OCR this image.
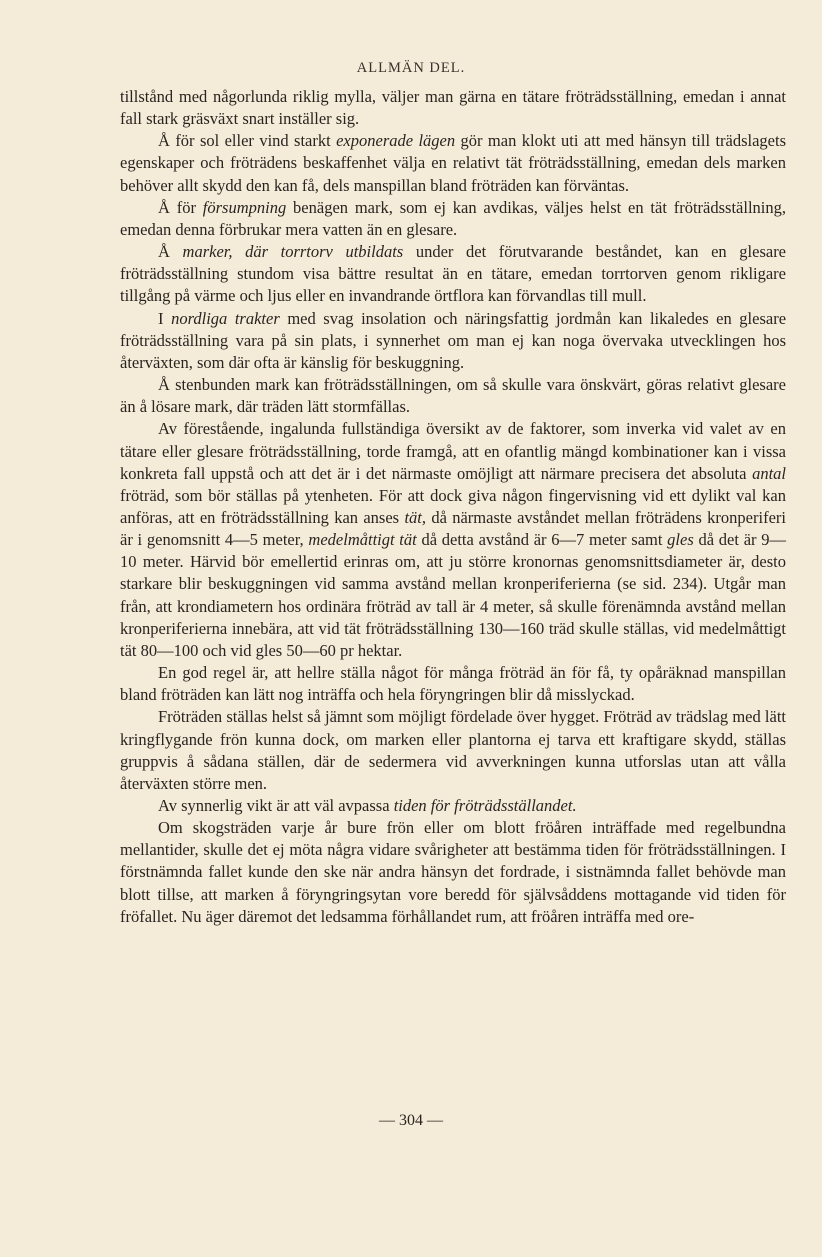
ALLMÄN DEL.

tillstånd med någorlunda riklig mylla, väljer man gärna en tätare fröträdsställning, emedan i annat fall stark gräsväxt snart inställer sig.

Å för sol eller vind starkt exponerade lägen gör man klokt uti att med hänsyn till trädslagets egenskaper och fröträdens beskaffenhet välja en relativt tät fröträdsställning, emedan dels marken behöver allt skydd den kan få, dels manspillan bland fröträden kan förväntas.

Å för försumpning benägen mark, som ej kan avdikas, väljes helst en tät fröträdsställning, emedan denna förbrukar mera vatten än en glesare.

Å marker, där torrtorv utbildats under det förutvarande beståndet, kan en glesare fröträdsställning stundom visa bättre resultat än en tätare, emedan torrtorven genom rikligare tillgång på värme och ljus eller en invandrande örtflora kan förvandlas till mull.

I nordliga trakter med svag insolation och näringsfattig jordmån kan likaledes en glesare fröträdsställning vara på sin plats, i synnerhet om man ej kan noga övervaka utvecklingen hos återväxten, som där ofta är känslig för beskuggning.

Å stenbunden mark kan fröträdsställningen, om så skulle vara önskvärt, göras relativt glesare än å lösare mark, där träden lätt stormfällas.

Av förestående, ingalunda fullständiga översikt av de faktorer, som inverka vid valet av en tätare eller glesare fröträdsställning, torde framgå, att en ofantlig mängd kombinationer kan i vissa konkreta fall uppstå och att det är i det närmaste omöjligt att närmare precisera det absoluta antal fröträd, som bör ställas på ytenheten. För att dock giva någon fingervisning vid ett dylikt val kan anföras, att en fröträdsställning kan anses tät, då närmaste avståndet mellan fröträdens kronperiferi är i genomsnitt 4—5 meter, medelmåttigt tät då detta avstånd är 6—7 meter samt gles då det är 9—10 meter. Härvid bör emellertid erinras om, att ju större kronornas genomsnittsdiameter är, desto starkare blir beskuggningen vid samma avstånd mellan kronperiferierna (se sid. 234). Utgår man från, att krondiametern hos ordinära fröträd av tall är 4 meter, så skulle förenämnda avstånd mellan kronperiferierna innebära, att vid tät fröträdsställning 130—160 träd skulle ställas, vid medelmåttigt tät 80—100 och vid gles 50—60 pr hektar.

En god regel är, att hellre ställa något för många fröträd än för få, ty opåräknad manspillan bland fröträden kan lätt nog inträffa och hela föryngringen blir då misslyckad.

Fröträden ställas helst så jämnt som möjligt fördelade över hygget. Fröträd av trädslag med lätt kringflygande frön kunna dock, om marken eller plantorna ej tarva ett kraftigare skydd, ställas gruppvis å sådana ställen, där de sedermera vid avverkningen kunna utforslas utan att vålla återväxten större men.

Av synnerlig vikt är att väl avpassa tiden för fröträdsställandet.

Om skogsträden varje år bure frön eller om blott fröåren inträffade med regelbundna mellantider, skulle det ej möta några vidare svårigheter att bestämma tiden för fröträdsställningen. I förstnämnda fallet kunde den ske när andra hänsyn det fordrade, i sistnämnda fallet behövde man blott tillse, att marken å föryngringsytan vore beredd för självsåddens mottagande vid tiden för fröfallet. Nu äger däremot det ledsamma förhållandet rum, att fröåren inträffa med ore-

— 304 —
